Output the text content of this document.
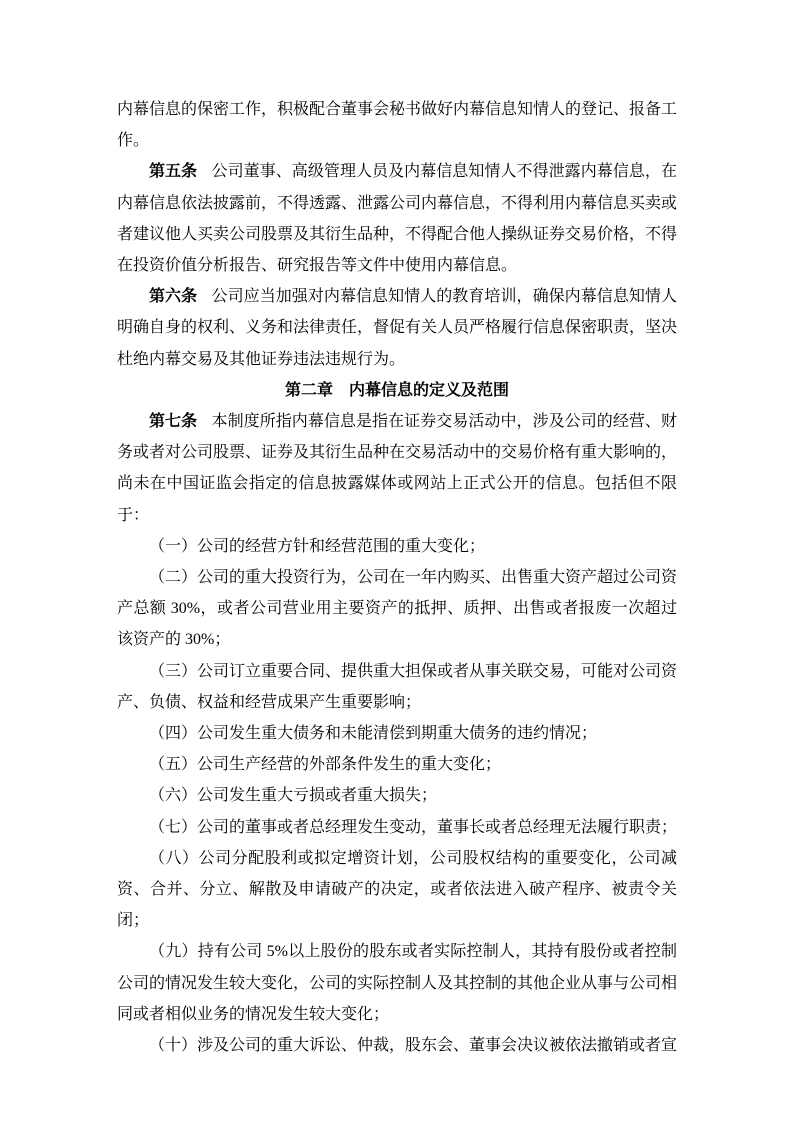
内幕信息的保密工作，积极配合董事会秘书做好内幕信息知情人的登记、报备工作。

第五条 公司董事、高级管理人员及内幕信息知情人不得泄露内幕信息，在内幕信息依法披露前，不得透露、泄露公司内幕信息，不得利用内幕信息买卖或者建议他人买卖公司股票及其衍生品种，不得配合他人操纵证券交易价格，不得在投资价值分析报告、研究报告等文件中使用内幕信息。

第六条 公司应当加强对内幕信息知情人的教育培训，确保内幕信息知情人明确自身的权利、义务和法律责任，督促有关人员严格履行信息保密职责，坚决杜绝内幕交易及其他证券违法违规行为。

第二章 内幕信息的定义及范围

第七条 本制度所指内幕信息是指在证券交易活动中，涉及公司的经营、财务或者对公司股票、证券及其衍生品种在交易活动中的交易价格有重大影响的，尚未在中国证监会指定的信息披露媒体或网站上正式公开的信息。包括但不限于：

（一）公司的经营方针和经营范围的重大变化；

（二）公司的重大投资行为，公司在一年内购买、出售重大资产超过公司资产总额 30%，或者公司营业用主要资产的抵押、质押、出售或者报废一次超过该资产的 30%；

（三）公司订立重要合同、提供重大担保或者从事关联交易，可能对公司资产、负债、权益和经营成果产生重要影响；

（四）公司发生重大债务和未能清偿到期重大债务的违约情况；

（五）公司生产经营的外部条件发生的重大变化；

（六）公司发生重大亏损或者重大损失；

（七）公司的董事或者总经理发生变动，董事长或者总经理无法履行职责；

（八）公司分配股利或拟定增资计划，公司股权结构的重要变化，公司减资、合并、分立、解散及申请破产的决定，或者依法进入破产程序、被责令关闭；

（九）持有公司 5%以上股份的股东或者实际控制人，其持有股份或者控制公司的情况发生较大变化，公司的实际控制人及其控制的其他企业从事与公司相同或者相似业务的情况发生较大变化；

（十）涉及公司的重大诉讼、仲裁，股东会、董事会决议被依法撤销或者宣
